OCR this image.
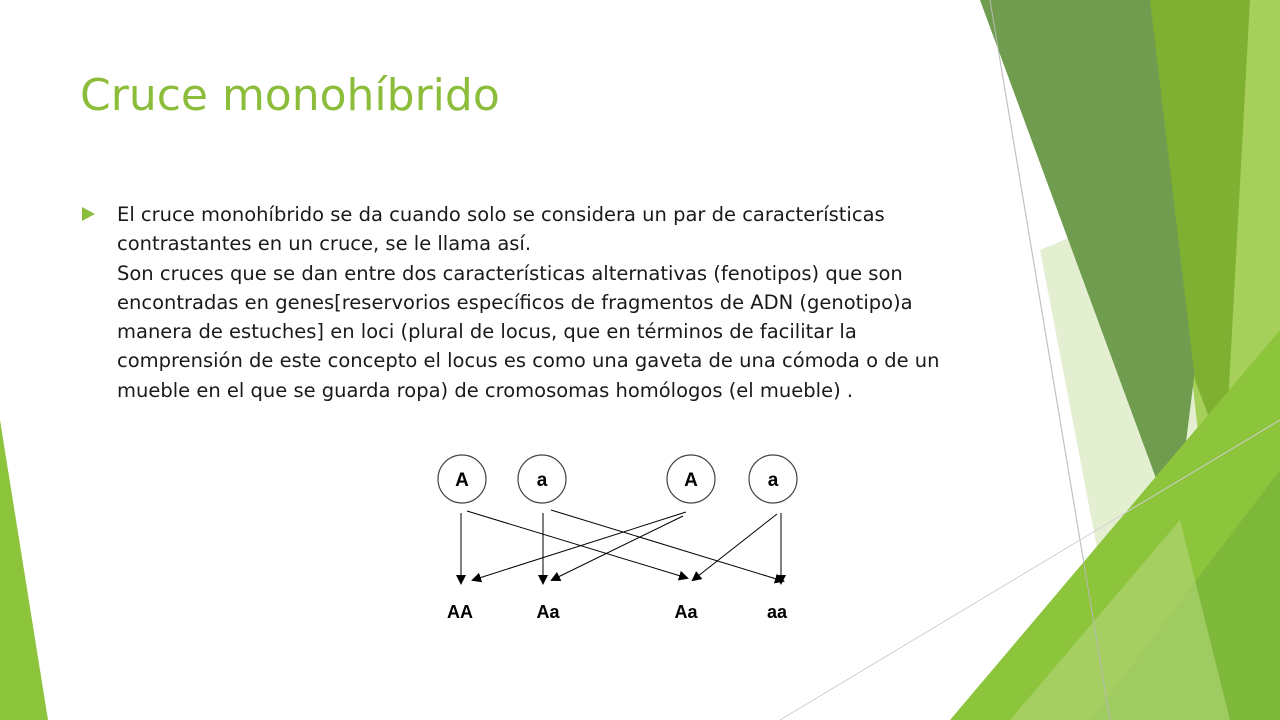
Cruce monohíbrido

El cruce monohíbrido se da cuando solo se considera un par de características contrastantes en un cruce, se le llama así.

Son cruces que se dan entre dos características alternativas (fenotipos) que son encontradas en genes[reservorios específicos de fragmentos de ADN (genotipo)a manera de estuches] en loci (plural de locus, que en términos de facilitar la comprensión de este concepto el locus es como una gaveta de una cómoda o de un mueble en el que se guarda ropa) de cromosomas homólogos (el mueble) .

A	a	A	a
AA	Aa	Aa	aa
